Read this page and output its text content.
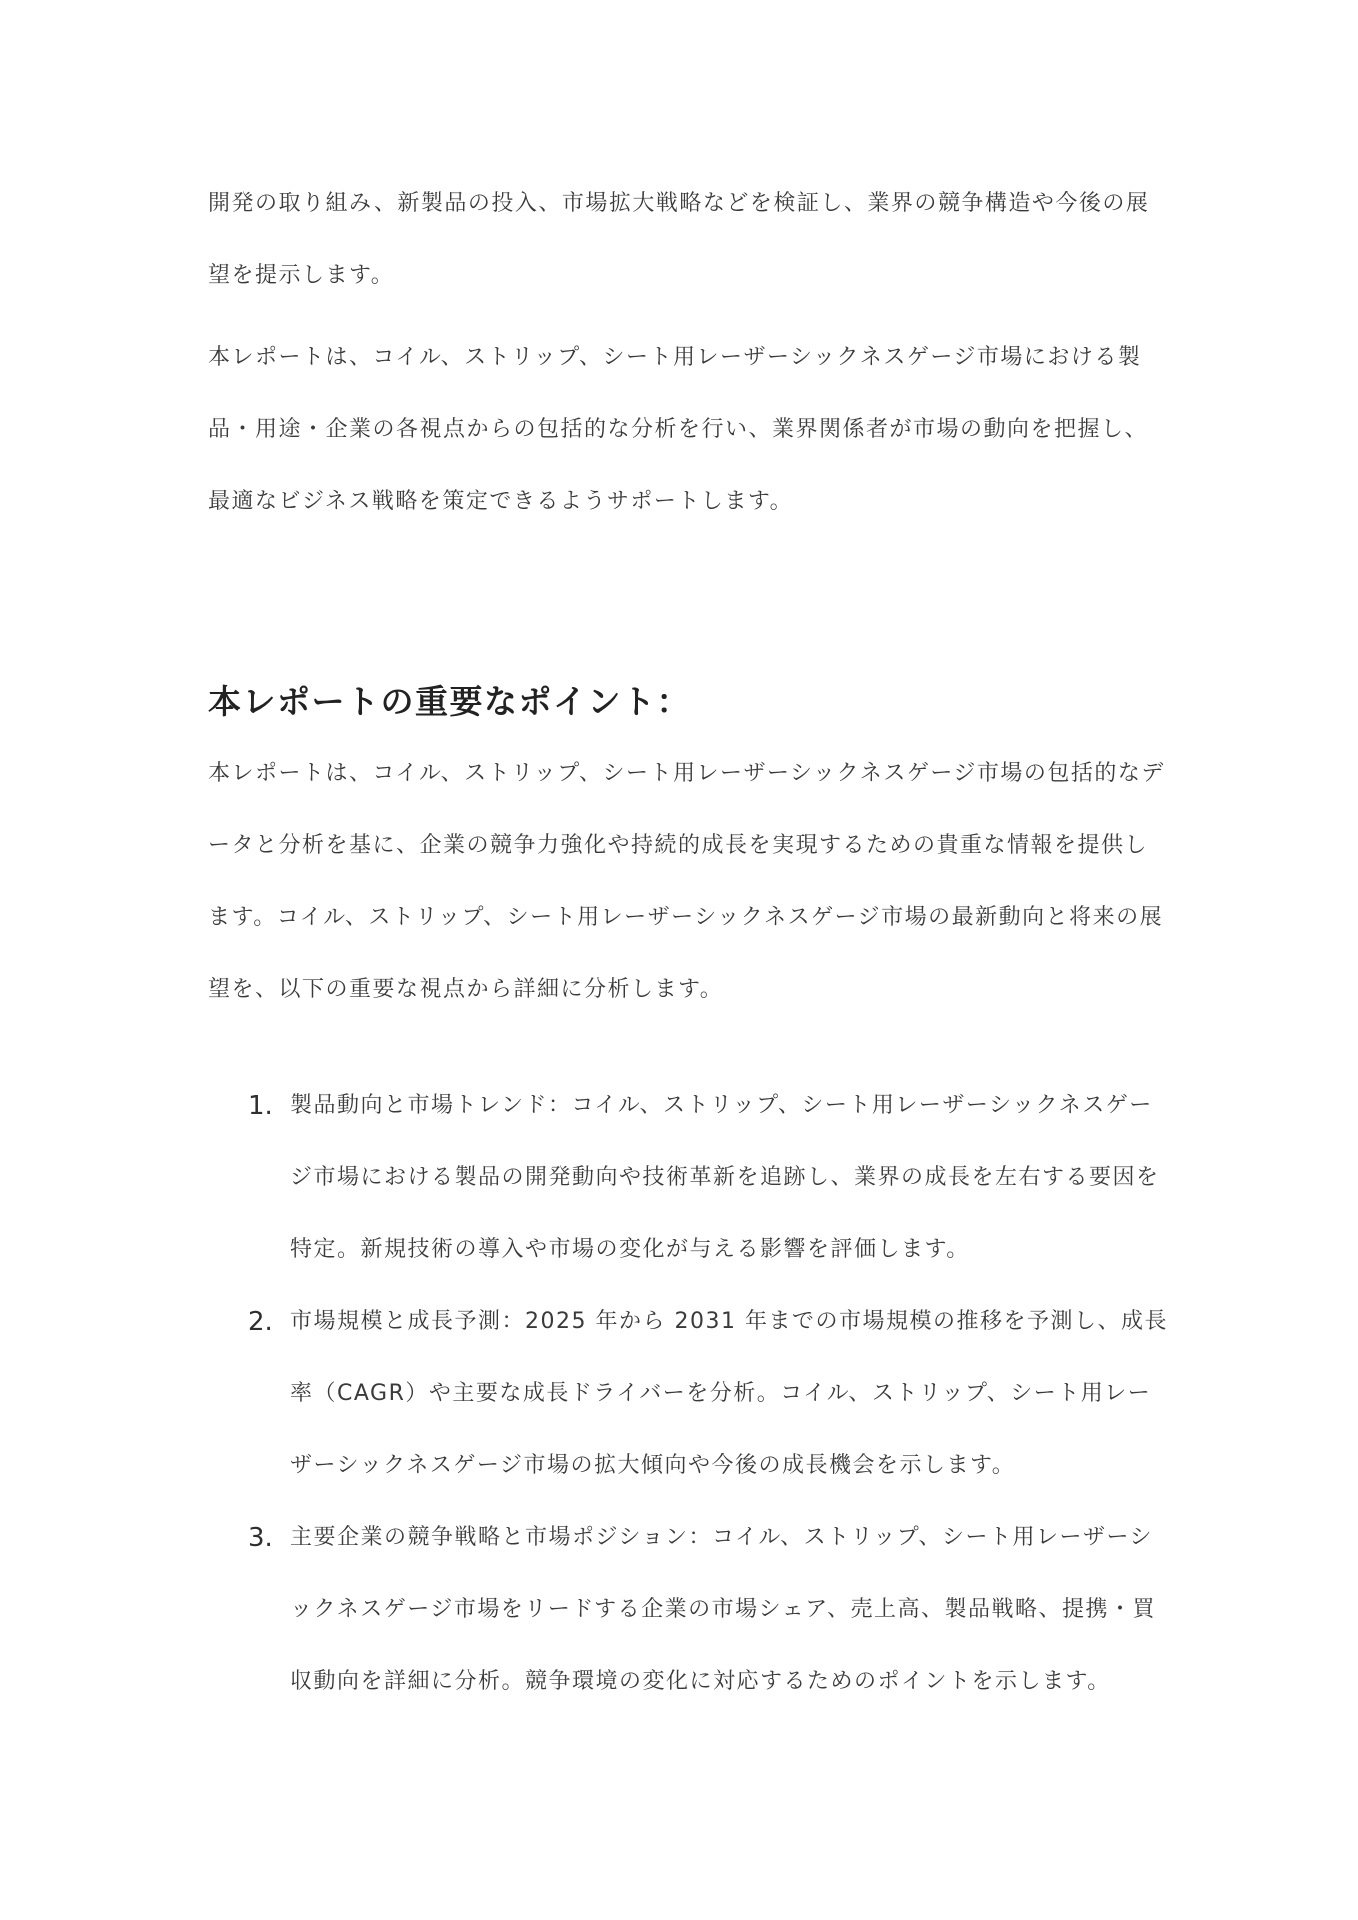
開発の取り組み、新製品の投入、市場拡大戦略などを検証し、業界の競争構造や今後の展望を提示します。

本レポートは、コイル、ストリップ、シート用レーザーシックネスゲージ市場における製品・用途・企業の各視点からの包括的な分析を行い、業界関係者が市場の動向を把握し、最適なビジネス戦略を策定できるようサポートします。

本レポートの重要なポイント：

本レポートは、コイル、ストリップ、シート用レーザーシックネスゲージ市場の包括的なデータと分析を基に、企業の競争力強化や持続的成長を実現するための貴重な情報を提供します。コイル、ストリップ、シート用レーザーシックネスゲージ市場の最新動向と将来の展望を、以下の重要な視点から詳細に分析します。

1. 製品動向と市場トレンド：コイル、ストリップ、シート用レーザーシックネスゲージ市場における製品の開発動向や技術革新を追跡し、業界の成長を左右する要因を特定。新規技術の導入や市場の変化が与える影響を評価します。
2. 市場規模と成長予測：2025 年から 2031 年までの市場規模の推移を予測し、成長率（CAGR）や主要な成長ドライバーを分析。コイル、ストリップ、シート用レーザーシックネスゲージ市場の拡大傾向や今後の成長機会を示します。
3. 主要企業の競争戦略と市場ポジション：コイル、ストリップ、シート用レーザーシックネスゲージ市場をリードする企業の市場シェア、売上高、製品戦略、提携・買収動向を詳細に分析。競争環境の変化に対応するためのポイントを示します。
